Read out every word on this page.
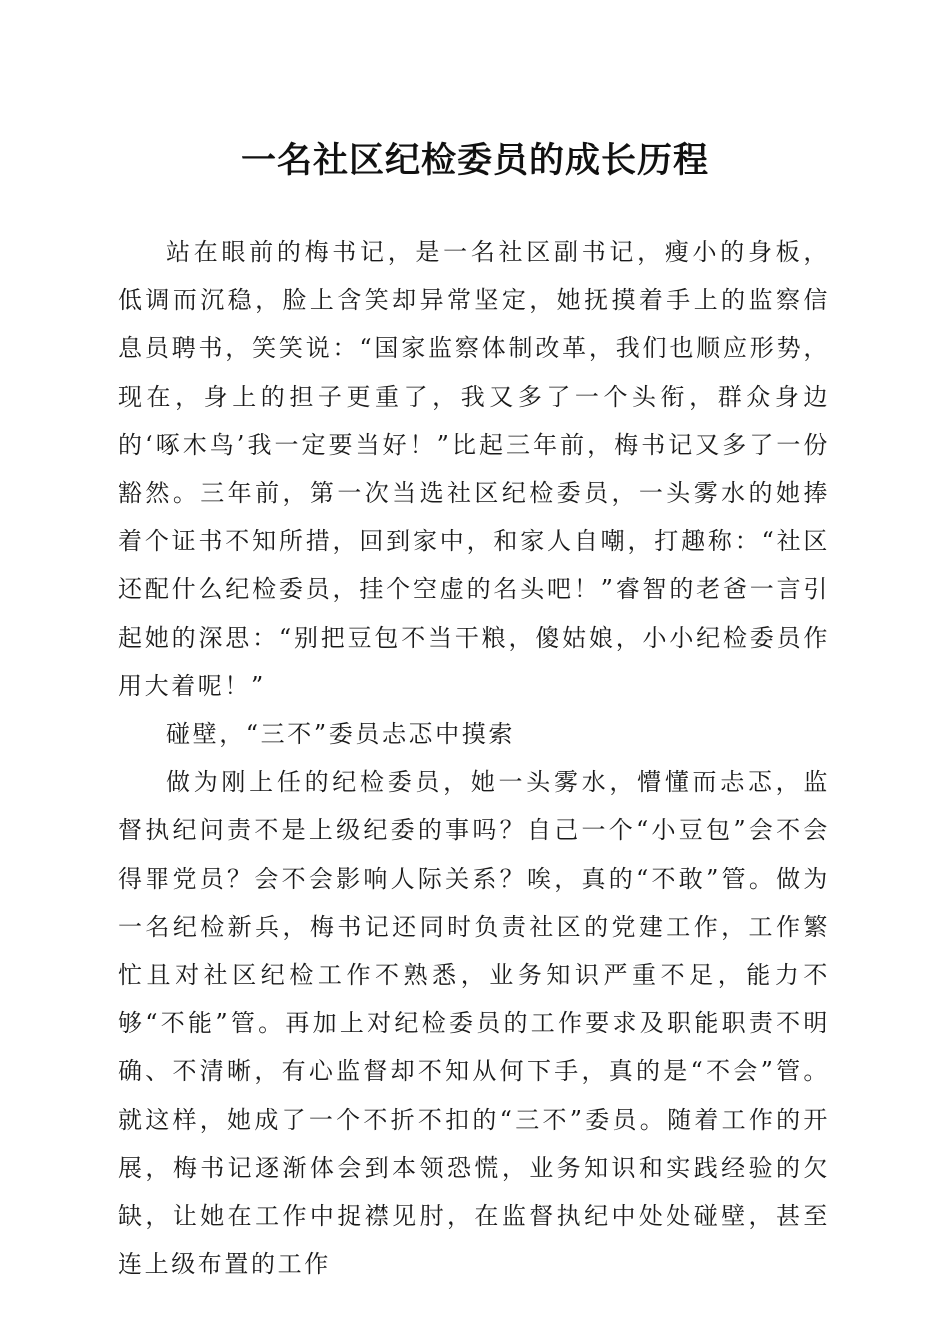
一名社区纪检委员的成长历程

站在眼前的梅书记，是一名社区副书记，瘦小的身板，低调而沉稳，脸上含笑却异常坚定，她抚摸着手上的监察信息员聘书，笑笑说：“国家监察体制改革，我们也顺应形势，现在，身上的担子更重了，我又多了一个头衔，群众身边的‘啄木鸟’我一定要当好！”比起三年前，梅书记又多了一份豁然。三年前，第一次当选社区纪检委员，一头雾水的她捧着个证书不知所措，回到家中，和家人自嘲，打趣称：“社区还配什么纪检委员，挂个空虚的名头吧！”睿智的老爸一言引起她的深思：“别把豆包不当干粮，傻姑娘，小小纪检委员作用大着呢！”

碰壁，“三不”委员忐忑中摸索

做为刚上任的纪检委员，她一头雾水，懵懂而忐忑，监督执纪问责不是上级纪委的事吗？自己一个“小豆包”会不会得罪党员？会不会影响人际关系？唉，真的“不敢”管。做为一名纪检新兵，梅书记还同时负责社区的党建工作，工作繁忙且对社区纪检工作不熟悉，业务知识严重不足，能力不够“不能”管。再加上对纪检委员的工作要求及职能职责不明确、不清晰，有心监督却不知从何下手，真的是“不会”管。就这样，她成了一个不折不扣的“三不”委员。随着工作的开展，梅书记逐渐体会到本领恐慌，业务知识和实践经验的欠缺，让她在工作中捉襟见肘，在监督执纪中处处碰壁，甚至连上级布置的工作
